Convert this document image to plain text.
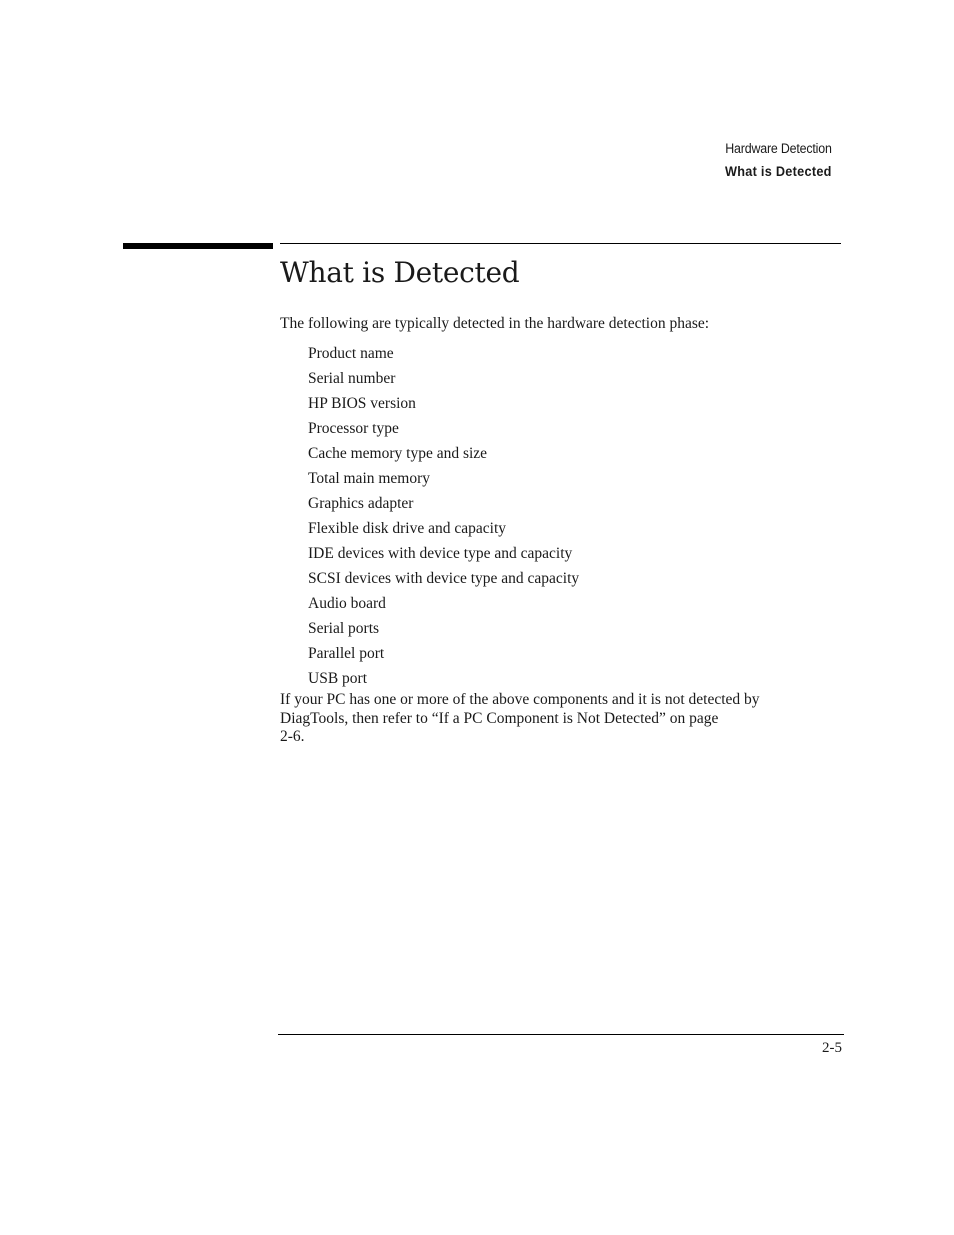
Hardware Detection
What is Detected
What is Detected

The following are typically detected in the hardware detection phase:

Product name
Serial number
HP BIOS version
Processor type
Cache memory type and size
Total main memory
Graphics adapter
Flexible disk drive and capacity
IDE devices with device type and capacity
SCSI devices with device type and capacity
Audio board
Serial ports
Parallel port
USB port

If your PC has one or more of the above components and it is not detected by
DiagTools, then refer to “If a PC Component is Not Detected” on page
2-6.

2-5
